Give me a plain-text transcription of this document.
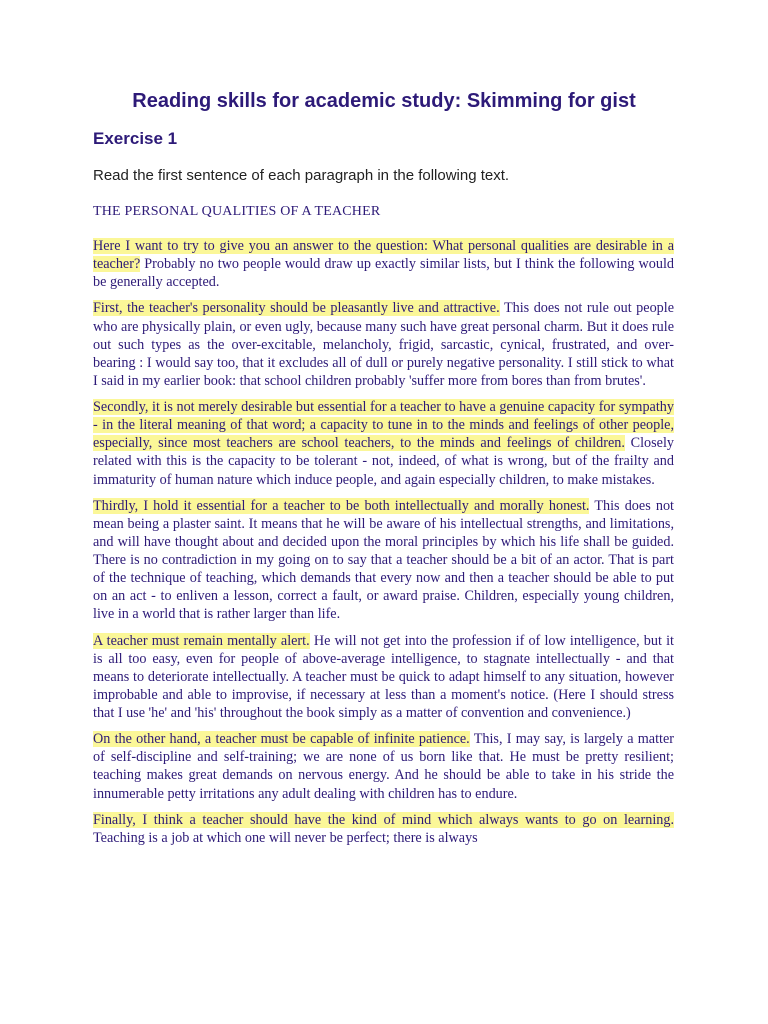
Reading skills for academic study: Skimming for gist
Exercise 1

Read the first sentence of each paragraph in the following text.

THE PERSONAL QUALITIES OF A TEACHER

Here I want to try to give you an answer to the question: What personal qualities are desirable in a teacher? Probably no two people would draw up exactly similar lists, but I think the following would be generally accepted.

First, the teacher's personality should be pleasantly live and attractive. This does not rule out people who are physically plain, or even ugly, because many such have great personal charm. But it does rule out such types as the over-excitable, melancholy, frigid, sarcastic, cynical, frustrated, and over-bearing : I would say too, that it excludes all of dull or purely negative personality. I still stick to what I said in my earlier book: that school children probably 'suffer more from bores than from brutes'.

Secondly, it is not merely desirable but essential for a teacher to have a genuine capacity for sympathy - in the literal meaning of that word; a capacity to tune in to the minds and feelings of other people, especially, since most teachers are school teachers, to the minds and feelings of children. Closely related with this is the capacity to be tolerant - not, indeed, of what is wrong, but of the frailty and immaturity of human nature which induce people, and again especially children, to make mistakes.

Thirdly, I hold it essential for a teacher to be both intellectually and morally honest. This does not mean being a plaster saint. It means that he will be aware of his intellectual strengths, and limitations, and will have thought about and decided upon the moral principles by which his life shall be guided. There is no contradiction in my going on to say that a teacher should be a bit of an actor. That is part of the technique of teaching, which demands that every now and then a teacher should be able to put on an act - to enliven a lesson, correct a fault, or award praise. Children, especially young children, live in a world that is rather larger than life.

A teacher must remain mentally alert. He will not get into the profession if of low intelligence, but it is all too easy, even for people of above-average intelligence, to stagnate intellectually - and that means to deteriorate intellectually. A teacher must be quick to adapt himself to any situation, however improbable and able to improvise, if necessary at less than a moment's notice. (Here I should stress that I use 'he' and 'his' throughout the book simply as a matter of convention and convenience.)

On the other hand, a teacher must be capable of infinite patience. This, I may say, is largely a matter of self-discipline and self-training; we are none of us born like that. He must be pretty resilient; teaching makes great demands on nervous energy. And he should be able to take in his stride the innumerable petty irritations any adult dealing with children has to endure.

Finally, I think a teacher should have the kind of mind which always wants to go on learning. Teaching is a job at which one will never be perfect; there is always
